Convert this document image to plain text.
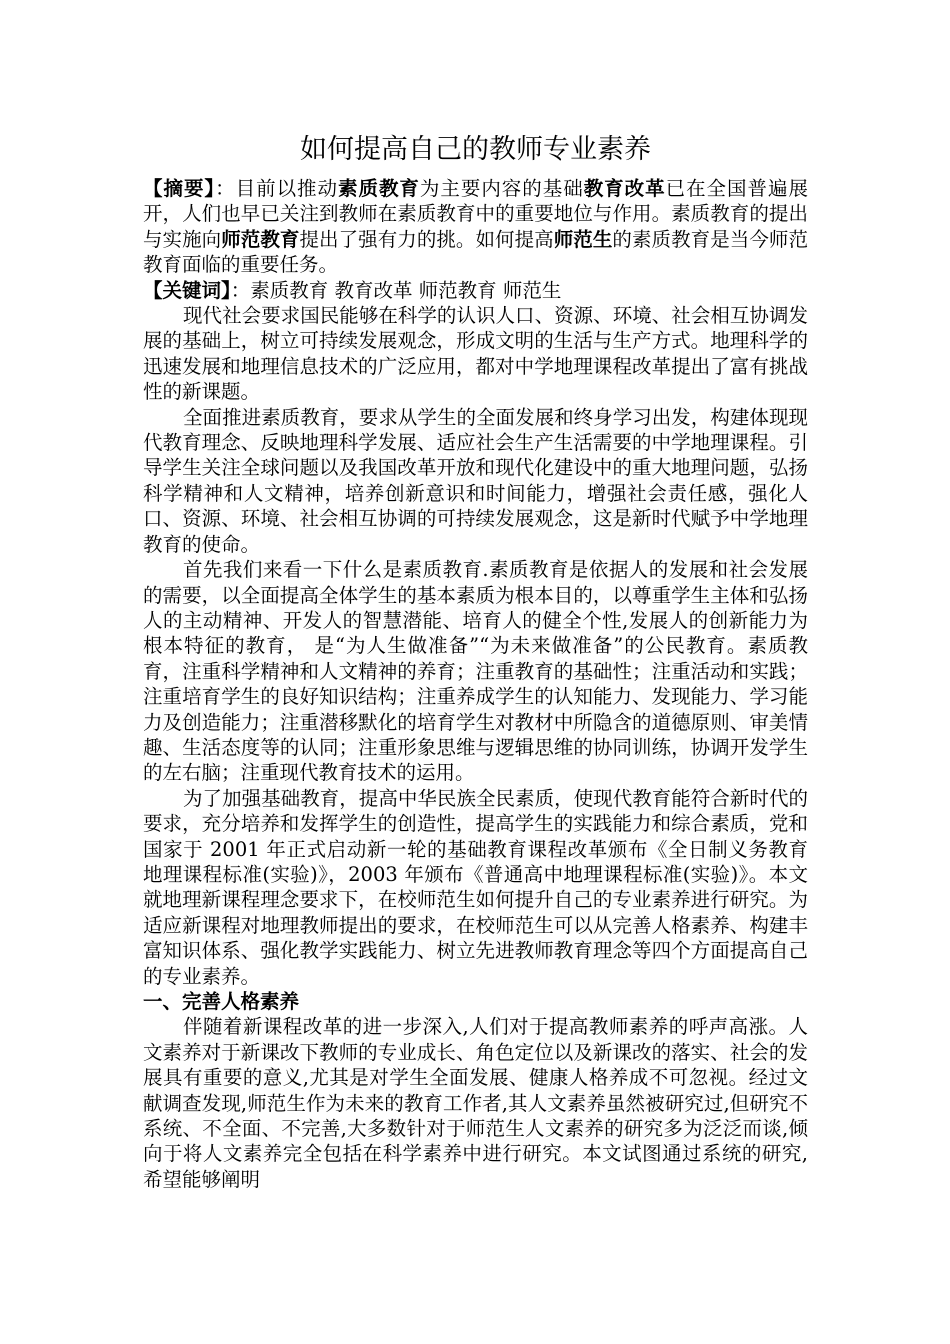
如何提高自己的教师专业素养

【摘要】：目前以推动素质教育为主要内容的基础教育改革已在全国普遍展开，人们也早已关注到教师在素质教育中的重要地位与作用。素质教育的提出与实施向师范教育提出了强有力的挑。如何提高师范生的素质教育是当今师范教育面临的重要任务。

【关键词】：素质教育 教育改革 师范教育 师范生

现代社会要求国民能够在科学的认识人口、资源、环境、社会相互协调发展的基础上，树立可持续发展观念，形成文明的生活与生产方式。地理科学的迅速发展和地理信息技术的广泛应用，都对中学地理课程改革提出了富有挑战性的新课题。

全面推进素质教育，要求从学生的全面发展和终身学习出发，构建体现现代教育理念、反映地理科学发展、适应社会生产生活需要的中学地理课程。引导学生关注全球问题以及我国改革开放和现代化建设中的重大地理问题，弘扬科学精神和人文精神，培养创新意识和时间能力，增强社会责任感，强化人口、资源、环境、社会相互协调的可持续发展观念，这是新时代赋予中学地理教育的使命。

首先我们来看一下什么是素质教育.素质教育是依据人的发展和社会发展的需要，以全面提高全体学生的基本素质为根本目的，以尊重学生主体和弘扬人的主动精神、开发人的智慧潜能、培育人的健全个性,发展人的创新能力为根本特征的教育， 是“为人生做准备”“为未来做准备”的公民教育。素质教育，注重科学精神和人文精神的养育；注重教育的基础性；注重活动和实践；注重培育学生的良好知识结构；注重养成学生的认知能力、发现能力、学习能力及创造能力；注重潜移默化的培育学生对教材中所隐含的道德原则、审美情趣、生活态度等的认同；注重形象思维与逻辑思维的协同训练，协调开发学生的左右脑；注重现代教育技术的运用。

为了加强基础教育，提高中华民族全民素质，使现代教育能符合新时代的要求，充分培养和发挥学生的创造性，提高学生的实践能力和综合素质，党和国家于 2001 年正式启动新一轮的基础教育课程改革颁布《全日制义务教育地理课程标准(实验)》，2003 年颁布《普通高中地理课程标准(实验)》。本文就地理新课程理念要求下，在校师范生如何提升自己的专业素养进行研究。为适应新课程对地理教师提出的要求，在校师范生可以从完善人格素养、构建丰富知识体系、强化教学实践能力、树立先进教师教育理念等四个方面提高自己的专业素养。

一、完善人格素养

伴随着新课程改革的进一步深入,人们对于提高教师素养的呼声高涨。人文素养对于新课改下教师的专业成长、角色定位以及新课改的落实、社会的发展具有重要的意义,尤其是对学生全面发展、健康人格养成不可忽视。经过文献调查发现,师范生作为未来的教育工作者,其人文素养虽然被研究过,但研究不系统、不全面、不完善,大多数针对于师范生人文素养的研究多为泛泛而谈,倾向于将人文素养完全包括在科学素养中进行研究。本文试图通过系统的研究,希望能够阐明
